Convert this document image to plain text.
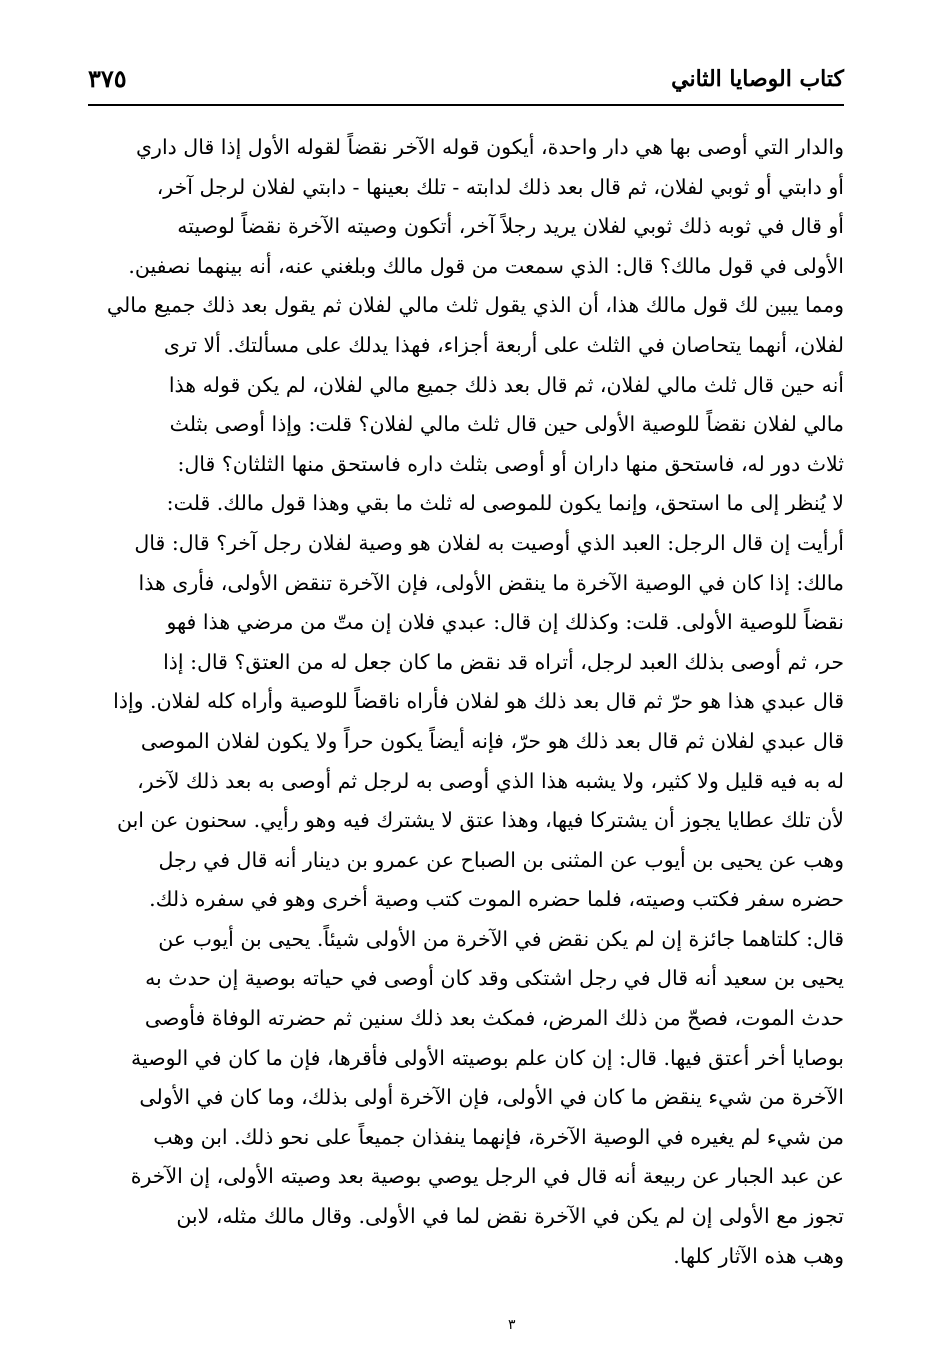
كتاب الوصايا الثاني
٣٧٥
والدار التي أوصى بها هي دار واحدة، أيكون قوله الآخر نقضاً لقوله الأول إذا قال داري
أو دابتي أو ثوبي لفلان، ثم قال بعد ذلك لدابته - تلك بعينها - دابتي لفلان لرجل آخر،
أو قال في ثوبه ذلك ثوبي لفلان يريد رجلاً آخر، أتكون وصيته الآخرة نقضاً لوصيته
الأولى في قول مالك؟ قال: الذي سمعت من قول مالك وبلغني عنه، أنه بينهما نصفين.
ومما يبين لك قول مالك هذا، أن الذي يقول ثلث مالي لفلان ثم يقول بعد ذلك جميع مالي
لفلان، أنهما يتحاصان في الثلث على أربعة أجزاء، فهذا يدلك على مسألتك. ألا ترى
أنه حين قال ثلث مالي لفلان، ثم قال بعد ذلك جميع مالي لفلان، لم يكن قوله هذا
مالي لفلان نقضاً للوصية الأولى حين قال ثلث مالي لفلان؟ قلت: وإذا أوصى بثلث
ثلاث دور له، فاستحق منها داران أو أوصى بثلث داره فاستحق منها الثلثان؟ قال:
لا يُنظر إلى ما استحق، وإنما يكون للموصى له ثلث ما بقي وهذا قول مالك. قلت:
أرأيت إن قال الرجل: العبد الذي أوصيت به لفلان هو وصية لفلان رجل آخر؟ قال: قال
مالك: إذا كان في الوصية الآخرة ما ينقض الأولى، فإن الآخرة تنقض الأولى، فأرى هذا
نقضاً للوصية الأولى. قلت: وكذلك إن قال: عبدي فلان إن متّ من مرضي هذا فهو
حر، ثم أوصى بذلك العبد لرجل، أتراه قد نقض ما كان جعل له من العتق؟ قال: إذا
قال عبدي هذا هو حرّ ثم قال بعد ذلك هو لفلان فأراه ناقضاً للوصية وأراه كله لفلان. وإذا
قال عبدي لفلان ثم قال بعد ذلك هو حرّ، فإنه أيضاً يكون حراً ولا يكون لفلان الموصى
له به فيه قليل ولا كثير، ولا يشبه هذا الذي أوصى به لرجل ثم أوصى به بعد ذلك لآخر،
لأن تلك عطايا يجوز أن يشتركا فيها، وهذا عتق لا يشترك فيه وهو رأيي. سحنون عن ابن
وهب عن يحيى بن أيوب عن المثنى بن الصباح عن عمرو بن دينار أنه قال في رجل
حضره سفر فكتب وصيته، فلما حضره الموت كتب وصية أخرى وهو في سفره ذلك.
قال: كلتاهما جائزة إن لم يكن نقض في الآخرة من الأولى شيئاً. يحيى بن أيوب عن
يحيى بن سعيد أنه قال في رجل اشتكى وقد كان أوصى في حياته بوصية إن حدث به
حدث الموت، فصحّ من ذلك المرض، فمكث بعد ذلك سنين ثم حضرته الوفاة فأوصى
بوصايا أخر أعتق فيها. قال: إن كان علم بوصيته الأولى فأقرها، فإن ما كان في الوصية
الآخرة من شيء ينقض ما كان في الأولى، فإن الآخرة أولى بذلك، وما كان في الأولى
من شيء لم يغيره في الوصية الآخرة، فإنهما ينفذان جميعاً على نحو ذلك. ابن وهب
عن عبد الجبار عن ربيعة أنه قال في الرجل يوصي بوصية بعد وصيته الأولى، إن الآخرة
تجوز مع الأولى إن لم يكن في الآخرة نقض لما في الأولى. وقال مالك مثله، لابن
وهب هذه الآثار كلها.
٣
